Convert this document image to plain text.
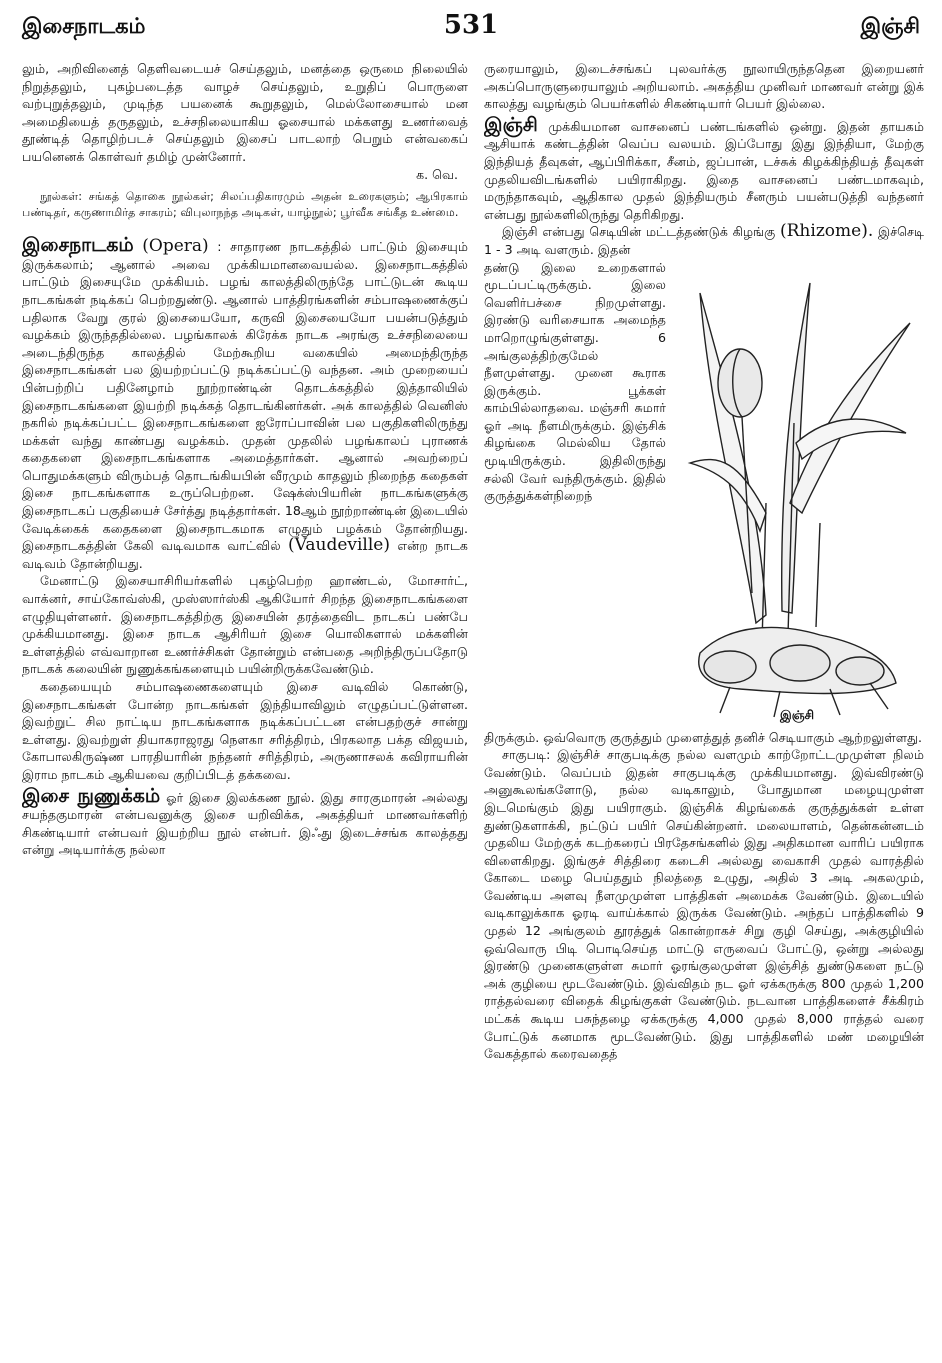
இசைநாடகம்	531	இஞ்சி

லும், அறிவினைத் தெளிவடையச் செய்தலும், மனத்தை ஒருமை நிலையில் நிறுத்தலும், புகழ்படைத்த வாழச் செய்தலும், உறுதிப் பொருளை வற்புறுத்தலும், முடிந்த பயனைக் கூறுதலும், மெல்லோசையால் மன அமைதியைத் தருதலும், உச்சநிலையாகிய ஓசையால் மக்களது உணர்வைத் தூண்டித் தொழிற்படச் செய்தலும் இசைப் பாடலாற் பெறும் என்வகைப் பயனெனக் கொள்வர் தமிழ் முன்னோர்.

க. வெ.

நூல்கள்: சங்கத் தொகை நூல்கள்; சிலப்பதிகாரமும் அதன் உரைகளும்; ஆபிரகாம் பண்டிதர், கருணாமிர்த சாகரம்; விபுலாநந்த அடிகள், யாழ்நூல்; பூர்வீக சங்கீத உண்மை.

இசைநாடகம் (Opera) : சாதாரண நாடகத்தில் பாட்டும் இசையும் இருக்கலாம்; ஆனால் அவை முக்கியமானவையல்ல. இசைநாடகத்தில் பாட்டும் இசையுமே முக்கியம். பழங் காலத்திலிருந்தே பாட்டுடன் கூடிய நாடகங்கள் நடிக்கப் பெற்றதுண்டு. ஆனால் பாத்திரங்களின் சம்பாஷணைக்குப் பதிலாக வேறு குரல் இசையையோ, கருவி இசையையோ பயன்படுத்தும் வழக்கம் இருந்ததில்லை. பழங்காலக் கிரேக்க நாடக அரங்கு உச்சநிலையை அடைந்திருந்த காலத்தில் மேற்கூறிய வகையில் அமைந்திருந்த இசைநாடகங்கள் பல இயற்றப்பட்டு நடிக்கப்பட்டு வந்தன. அம் முறையைப் பின்பற்றிப் பதினேழாம் நூற்றாண்டின் தொடக்கத்தில் இத்தாலியில் இசைநாடகங்களை இயற்றி நடிக்கத் தொடங்கினர்கள். அக் காலத்தில் வெனிஸ் நகரில் நடிக்கப்பட்ட இசைநாடகங்களை ஐரோப்பாவின் பல பகுதிகளிலிருந்து மக்கள் வந்து காண்பது வழக்கம். முதன் முதலில் பழங்காலப் புராணக் கதைகளை இசைநாடகங்களாக அமைத்தார்கள். ஆனால் அவற்றைப் பொதுமக்களும் விரும்பத் தொடங்கியபின் வீரமும் காதலும் நிறைந்த கதைகள் இசை நாடகங்களாக உருப்பெற்றன. ஷேக்ஸ்பியரின் நாடகங்களுக்கு இசைநாடகப் பகுதியைச் சேர்த்து நடித்தார்கள். 18ஆம் நூற்றாண்டின் இடையில் வேடிக்கைக் கதைகளை இசைநாடகமாக எழுதும் பழக்கம் தோன்றியது. இசைநாடகத்தின் கேலி வடிவமாக வாட்வில் (Vaudeville) என்ற நாடக வடிவம் தோன்றியது.

மேனாட்டு இசையாசிரியர்களில் புகழ்பெற்ற ஹாண்டல், மோசார்ட், வாக்னர், சாய்கோவ்ஸ்கி, முஸ்ஸார்ஸ்கி ஆகியோர் சிறந்த இசைநாடகங்களை எழுதியுள்ளனர். இசைநாடகத்திற்கு இசையின் தரத்தைவிட நாடகப் பண்பே முக்கியமானது. இசை நாடக ஆசிரியர் இசை யொலிகளால் மக்களின் உள்ளத்தில் எவ்வாறான உணர்ச்சிகள் தோன்றும் என்பதை அறிந்திருப்பதோடு நாடகக் கலையின் நுணுக்கங்களையும் பயின்றிருக்கவேண்டும்.

கதையையும் சம்பாஷணைகளையும் இசை வடிவில் கொண்டு, இசைநாடகங்கள் போன்ற நாடகங்கள் இந்தியாவிலும் எழுதப்பட்டுள்ளன. இவற்றுட் சில நாட்டிய நாடகங்களாக நடிக்கப்பட்டன என்பதற்குச் சான்று உள்ளது. இவற்றுள் தியாகராஜரது நௌகா சரித்திரம், பிரகலாத பக்த விஜயம், கோபாலகிருஷ்ண பாரதியாரின் நந்தனர் சரித்திரம், அருணாசலக் கவிராயரின் இராம நாடகம் ஆகியவை குறிப்பிடத் தக்கவை.

இசை நுணுக்கம் ஓர் இசை இலக்கண நூல். இது சாரகுமாரன் அல்லது சயந்தகுமாரன் என்பவனுக்கு இசை யறிவிக்க, அகத்தியர் மாணவர்களிற் சிகண்டியார் என்பவர் இயற்றிய நூல் என்பர். இஃது இடைச்சங்க காலத்தது என்று அடியார்க்கு நல்லா

ருரையாலும், இடைச்சங்கப் புலவர்க்கு நூலாயிருந்ததென இறையனர் அகப்பொருளுரையாலும் அறியலாம். அகத்திய முனிவர் மாணவர் என்று இக் காலத்து வழங்கும் பெயர்களில் சிகண்டியார் பெயர் இல்லை.

இஞ்சி முக்கியமான வாசனைப் பண்டங்களில் ஒன்று. இதன் தாயகம் ஆசியாக் கண்டத்தின் வெப்ப வலயம். இப்போது இது இந்தியா, மேற்கு இந்தியத் தீவுகள், ஆப்பிரிக்கா, சீனம், ஜப்பான், டச்சுக் கிழக்கிந்தியத் தீவுகள் முதலியவிடங்களில் பயிராகிறது. இதை வாசனைப் பண்டமாகவும், மருந்தாகவும், ஆதிகால முதல் இந்தியரும் சீனரும் பயன்படுத்தி வந்தனர் என்பது நூல்களிலிருந்து தெரிகிறது.

இஞ்சி என்பது செடியின் மட்டத்தண்டுக் கிழங்கு (Rhizome). இச்செடி 1 - 3 அடி வளரும். இதன்

தண்டு இலை உறைகளால் மூடப்பட்டிருக்கும். இலை வெளிர்பச்சை நிறமுள்ளது. இரண்டு வரிசையாக அமைந்த மாறொழுங்குள்ளது. 6 அங்குலத்திற்குமேல் நீளமுள்ளது. முனை கூராக இருக்கும். பூக்கள் காம்பில்லாதவை. மஞ்சரி சுமார் ஓர் அடி நீளமிருக்கும். இஞ்சிக் கிழங்கை மெல்லிய தோல் மூடியிருக்கும். இதிலிருந்து சல்லி வேர் வந்திருக்கும். இதில் குருத்துக்கள்நிறைந்

இஞ்சி

திருக்கும். ஒவ்வொரு குருத்தும் முளைத்துத் தனிச் செடியாகும் ஆற்றலுள்ளது.

சாகுபடி: இஞ்சிச் சாகுபடிக்கு நல்ல வளமும் காற்றோட்டமுமுள்ள நிலம் வேண்டும். வெப்பம் இதன் சாகுபடிக்கு முக்கியமானது. இவ்விரண்டு அனுகூலங்களோடு, நல்ல வடிகாலும், போதுமான மழையுமுள்ள இடமெங்கும் இது பயிராகும். இஞ்சிக் கிழங்கைக் குருத்துக்கள் உள்ள துண்டுகளாக்கி, நட்டுப் பயிர் செய்கின்றனர். மலையாளம், தென்கன்னடம் முதலிய மேற்குக் கடற்கரைப் பிரதேசங்களில் இது அதிகமான வாரிப் பயிராக விளைகிறது. இங்குச் சித்திரை கடைசி அல்லது வைகாசி முதல் வாரத்தில் கோடை மழை பெய்ததும் நிலத்தை உழுது, அதில் 3 அடி அகலமும், வேண்டிய அளவு நீளமுமுள்ள பாத்திகள் அமைக்க வேண்டும். இடையில் வடிகாலுக்காக ஓரடி வாய்க்கால் இருக்க வேண்டும். அந்தப் பாத்திகளில் 9 முதல் 12 அங்குலம் தூரத்துக் கொன்றாகச் சிறு குழி செய்து, அக்குழியில் ஒவ்வொரு பிடி பொடிசெய்த மாட்டு எருவைப் போட்டு, ஒன்று அல்லது இரண்டு முனைகளுள்ள சுமார் ஓரங்குலமுள்ள இஞ்சித் துண்டுகளை நட்டு அக் குழியை மூடவேண்டும். இவ்விதம் நட ஓர் ஏக்கருக்கு 800 முதல் 1,200 ராத்தல்வரை விதைக் கிழங்குகள் வேண்டும். நடவான பாத்திகளைச் சீக்கிரம் மட்கக் கூடிய பசுந்தழை ஏக்கருக்கு 4,000 முதல் 8,000 ராத்தல் வரை போட்டுக் கனமாக மூடவேண்டும். இது பாத்திகளில் மண் மழையின் வேகத்தால் கரைவதைத்
